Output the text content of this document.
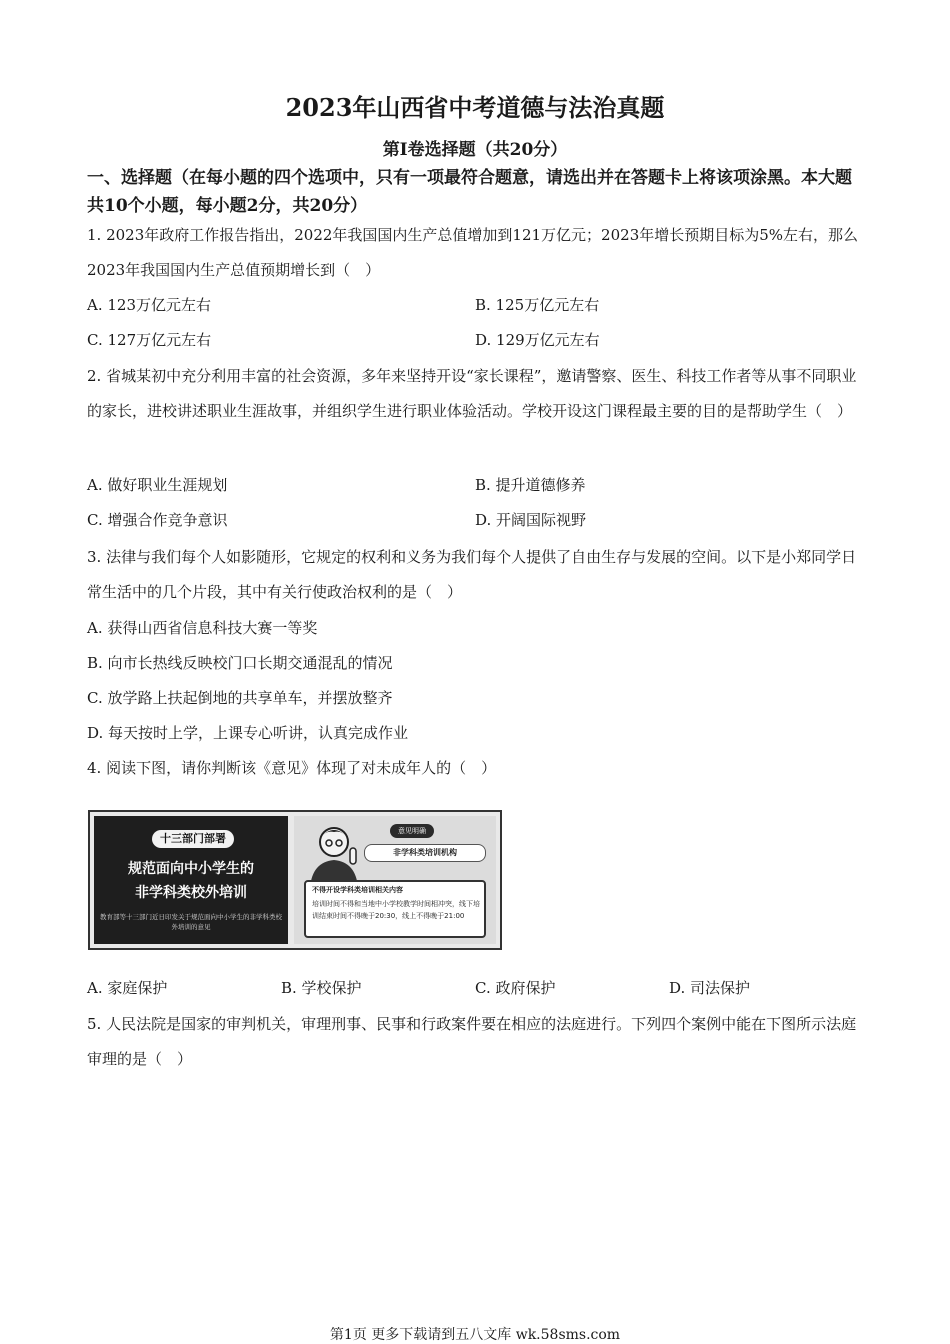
2023年山西省中考道德与法治真题
第Ⅰ卷选择题（共20分）
一、选择题（在每小题的四个选项中，只有一项最符合题意，请选出并在答题卡上将该项涂黑。本大题共10个小题，每小题2分，共20分）
1. 2023年政府工作报告指出，2022年我国国内生产总值增加到121万亿元；2023年增长预期目标为5%左右，那么2023年我国国内生产总值预期增长到（　）
A. 123万亿元左右	B. 125万亿元左右
C. 127万亿元左右	D. 129万亿元左右
2. 省城某初中充分利用丰富的社会资源，多年来坚持开设“家长课程”，邀请警察、医生、科技工作者等从事不同职业的家长，进校讲述职业生涯故事，并组织学生进行职业体验活动。学校开设这门课程最主要的目的是帮助学生（　）
A. 做好职业生涯规划	B. 提升道德修养
C. 增强合作竞争意识	D. 开阔国际视野
3. 法律与我们每个人如影随形，它规定的权利和义务为我们每个人提供了自由生存与发展的空间。以下是小郑同学日常生活中的几个片段，其中有关行使政治权利的是（　）
A. 获得山西省信息科技大赛一等奖
B. 向市长热线反映校门口长期交通混乱的情况
C. 放学路上扶起倒地的共享单车，并摆放整齐
D. 每天按时上学，上课专心听讲，认真完成作业
4. 阅读下图，请你判断该《意见》体现了对未成年人的（　）
十三部门部署
规范面向中小学生的
非学科类校外培训
教育部等十三部门近日印发关于规范面向中小学生的非学科类校外培训的意见
意见明确
非学科类培训机构
不得开设学科类培训相关内容
培训时间不得和当地中小学校教学时间相冲突，线下培训结束时间不得晚于20:30，线上不得晚于21:00
A. 家庭保护	B. 学校保护	C. 政府保护	D. 司法保护
5. 人民法院是国家的审判机关，审理刑事、民事和行政案件要在相应的法庭进行。下列四个案例中能在下图所示法庭审理的是（　）
第1页 更多下载请到五八文库 wk.58sms.com
